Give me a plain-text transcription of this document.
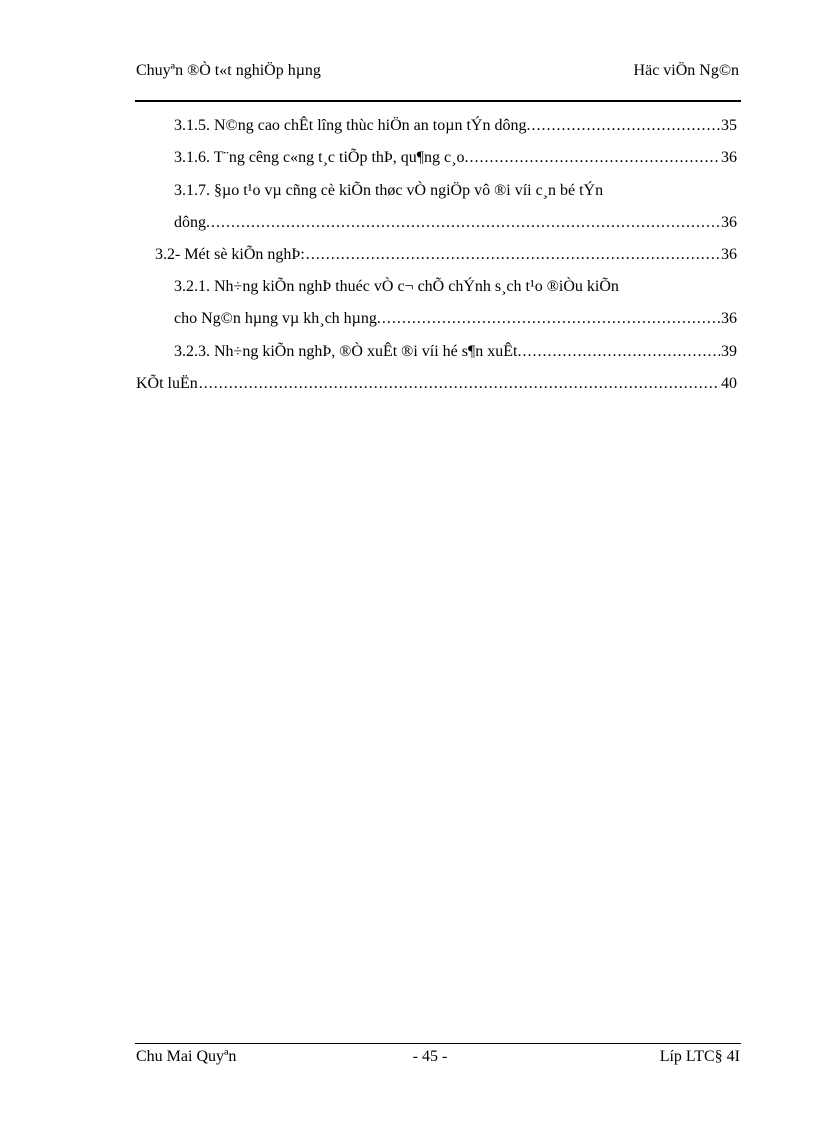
Chuyªn ®Ò t«t nghiÖp hµng	Häc viÖn Ng©n
3.1.5. N©ng cao chÊt lîng thùc hiÖn an toµn tÝn dông. .....	35
3.1.6. T¨ng cêng c«ng t¸c tiÕp thÞ, qu¶ng c¸o. .....	36
3.1.7. §µo t¹o vµ cñng cè kiÕn thøc vÒ ngiÖp vô ®i víi c¸n bé tÝn
dông. .....	36
3.2- Mét sè kiÕn nghÞ: .....	36
3.2.1. Nh÷ng kiÕn nghÞ thuéc vÒ c¬ chÕ chÝnh s¸ch t¹o ®iÒu kiÕn
cho Ng©n hµng vµ kh¸ch hµng. .....	36
3.2.3. Nh÷ng kiÕn nghÞ, ®Ò xuÊt ®i víi hé s¶n xuÊt. .....	39
KÕt luËn .....	40
Chu Mai Quyªn	- 45 -	Líp LTC§ 4I
